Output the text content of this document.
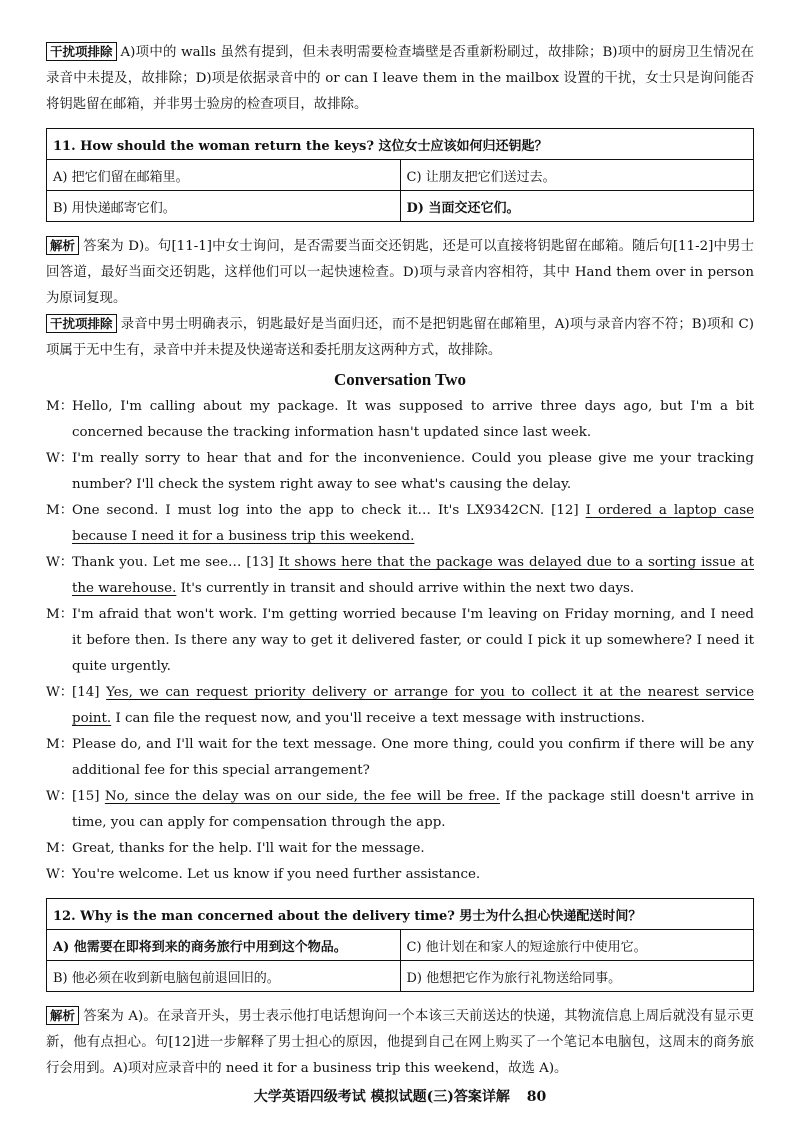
干扰项排除 A)项中的 walls 虽然有提到，但未表明需要检查墙壁是否重新粉刷过，故排除；B)项中的厨房卫生情况在录音中未提及，故排除；D)项是依据录音中的 or can I leave them in the mailbox 设置的干扰，女士只是询问能否将钥匙留在邮箱，并非男士验房的检查项目，故排除。

11. How should the woman return the keys? 这位女士应该如何归还钥匙？	
A) 把它们留在邮箱里。	C) 让朋友把它们送过去。
B) 用快递邮寄它们。	D) 当面交还它们。

解析 答案为 D)。句[11-1]中女士询问，是否需要当面交还钥匙，还是可以直接将钥匙留在邮箱。随后句[11-2]中男士回答道，最好当面交还钥匙，这样他们可以一起快速检查。D)项与录音内容相符，其中 Hand them over in person 为原词复现。

干扰项排除 录音中男士明确表示，钥匙最好是当面归还，而不是把钥匙留在邮箱里，A)项与录音内容不符；B)项和 C)项属于无中生有，录音中并未提及快递寄送和委托朋友这两种方式，故排除。

Conversation Two
M：
Hello, I'm calling about my package. It was supposed to arrive three days ago, but I'm a bit concerned because the tracking information hasn't updated since last week.
W：
I'm really sorry to hear that and for the inconvenience. Could you please give me your tracking number? I'll check the system right away to see what's causing the delay.
M：
One second. I must log into the app to check it… It's LX9342CN. [12] I ordered a laptop case because I need it for a business trip this weekend.
W：
Thank you. Let me see… [13] It shows here that the package was delayed due to a sorting issue at the warehouse. It's currently in transit and should arrive within the next two days.
M：
I'm afraid that won't work. I'm getting worried because I'm leaving on Friday morning, and I need it before then. Is there any way to get it delivered faster, or could I pick it up somewhere? I need it quite urgently.
W：
[14] Yes, we can request priority delivery or arrange for you to collect it at the nearest service point. I can file the request now, and you'll receive a text message with instructions.
M：
Please do, and I'll wait for the text message. One more thing, could you confirm if there will be any additional fee for this special arrangement?
W：
[15] No, since the delay was on our side, the fee will be free. If the package still doesn't arrive in time, you can apply for compensation through the app.
M：
Great, thanks for the help. I'll wait for the message.
W：
You're welcome. Let us know if you need further assistance.
12. Why is the man concerned about the delivery time? 男士为什么担心快递配送时间？	
A) 他需要在即将到来的商务旅行中用到这个物品。	C) 他计划在和家人的短途旅行中使用它。
B) 他必须在收到新电脑包前退回旧的。	D) 他想把它作为旅行礼物送给同事。

解析 答案为 A)。在录音开头，男士表示他打电话想询问一个本该三天前送达的快递，其物流信息上周后就没有显示更新，他有点担心。句[12]进一步解释了男士担心的原因，他提到自己在网上购买了一个笔记本电脑包，这周末的商务旅行会用到。A)项对应录音中的 need it for a business trip this weekend，故选 A)。

大学英语四级考试 模拟试题(三)答案详解 80
